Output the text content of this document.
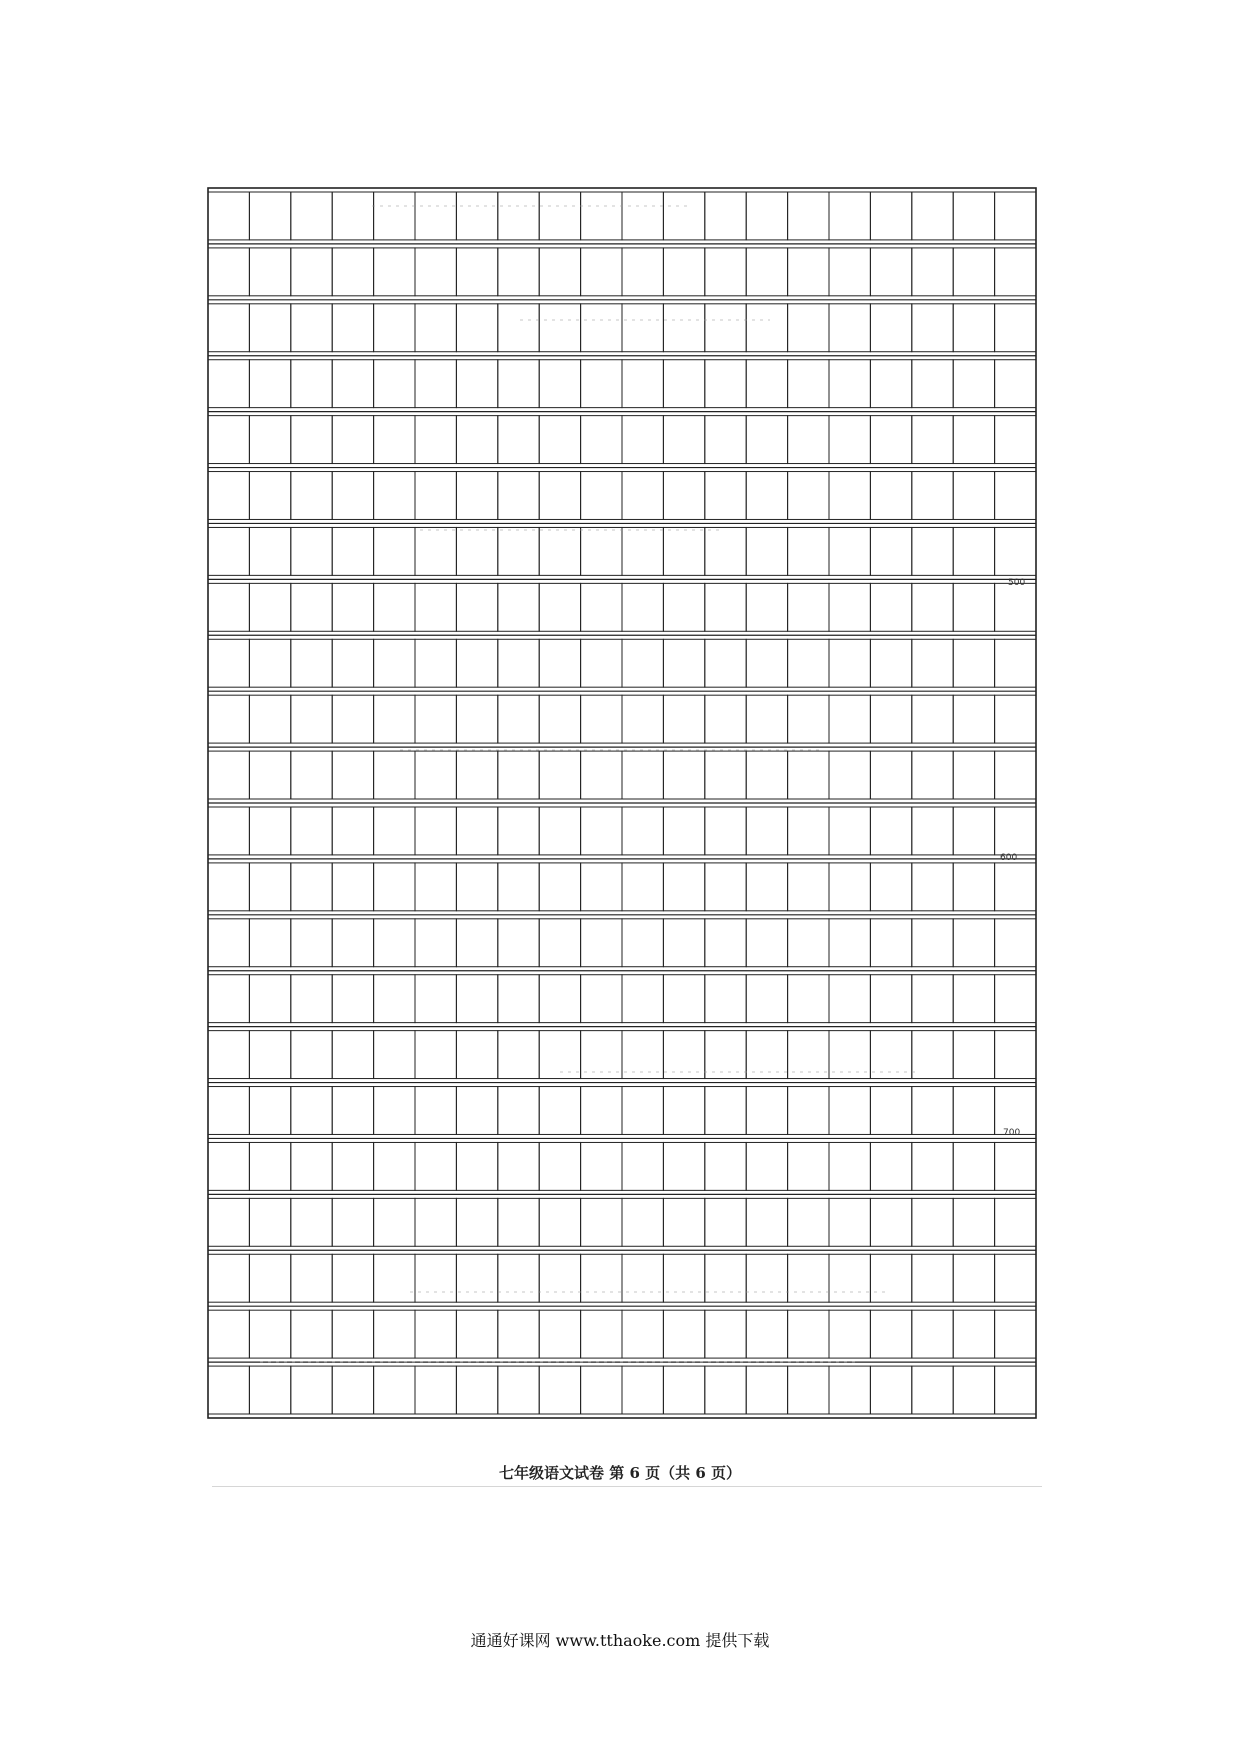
500
600
700
七年级语文试卷 第 6 页（共 6 页）
通通好课网 www.tthaoke.com 提供下载
